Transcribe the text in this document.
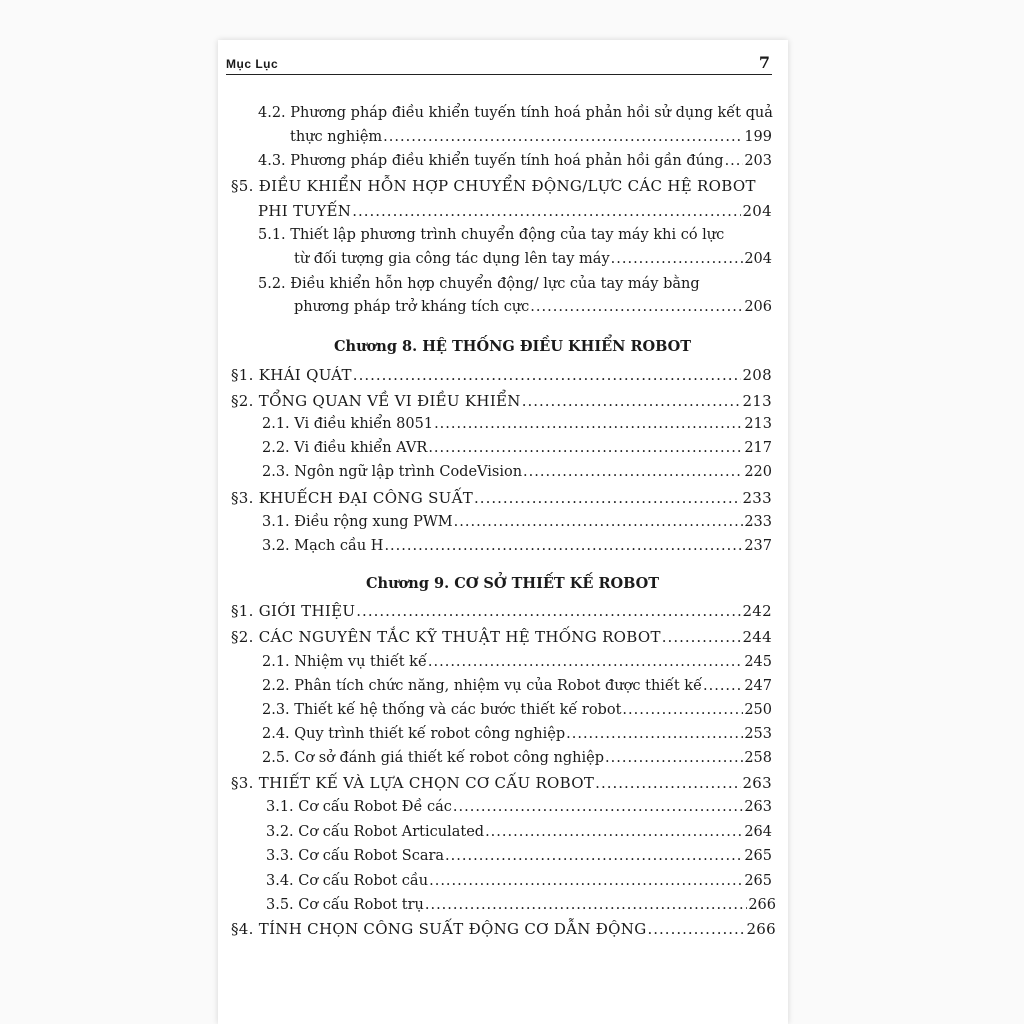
Mục Lục	7
4.2. Phương pháp điều khiển tuyến tính hoá phản hồi sử dụng kết quả
thực nghiệm .....	199
4.3. Phương pháp điều khiển tuyến tính hoá phản hồi gần đúng ..... 203
§5. ĐIỀU KHIỂN HỖN HỢP CHUYỂN ĐỘNG/LỰC CÁC HỆ ROBOT
PHI TUYẾN .....	204
5.1. Thiết lập phương trình chuyển động của tay máy khi có lực
từ đối tượng gia công tác dụng lên tay máy .....	204
5.2. Điều khiển hỗn hợp chuyển động/ lực của tay máy bằng
phương pháp trở kháng tích cực .....	206
Chương 8. HỆ THỐNG ĐIỀU KHIỂN ROBOT
§1. KHÁI QUÁT .....	208
§2. TỔNG QUAN VỀ VI ĐIỀU KHIỂN .....	213
2.1. Vi điều khiển 8051 .....	213
2.2. Vi điều khiển AVR .....	217
2.3. Ngôn ngữ lập trình CodeVision .....	220
§3. KHUẾCH ĐẠI CÔNG SUẤT .....	233
3.1. Điều rộng xung PWM .....	233
3.2. Mạch cầu H .....	237
Chương 9. CƠ SỞ THIẾT KẾ ROBOT
§1. GIỚI THIỆU .....	242
§2. CÁC NGUYÊN TẮC KỸ THUẬT HỆ THỐNG ROBOT .....	244
2.1. Nhiệm vụ thiết kế .....	245
2.2. Phân tích chức năng, nhiệm vụ của Robot được thiết kế .....	247
2.3. Thiết kế hệ thống và các bước thiết kế robot .....	250
2.4. Quy trình thiết kế robot công nghiệp .....	253
2.5. Cơ sở đánh giá thiết kế robot công nghiệp .....	258
§3. THIẾT KẾ VÀ LỰA CHỌN CƠ CẤU ROBOT .....	263
3.1. Cơ cấu Robot Đề các .....	263
3.2. Cơ cấu Robot Articulated .....	264
3.3. Cơ cấu Robot Scara .....	265
3.4. Cơ cấu Robot cầu .....	265
3.5. Cơ cấu Robot trụ .....	266
§4. TÍNH CHỌN CÔNG SUẤT ĐỘNG CƠ DẪN ĐỘNG .....	266
